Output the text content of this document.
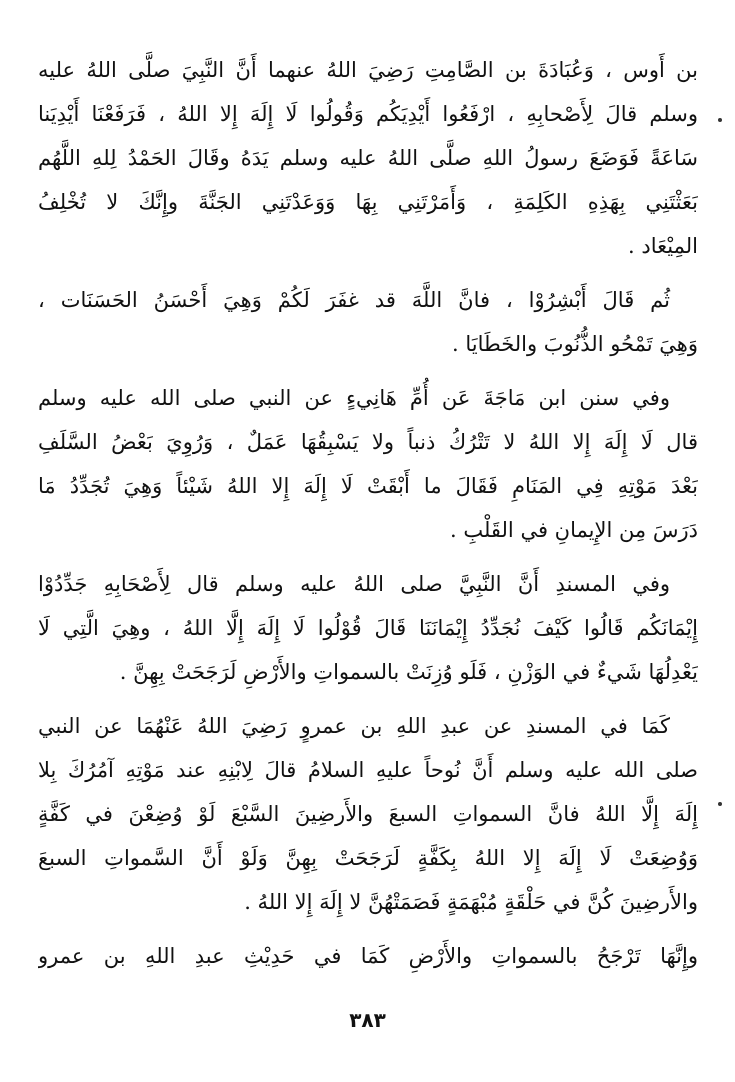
بن أَوس ، وَعُبَادَةَ بن الصَّامِتِ رَضِيَ اللهُ عنهما أَنَّ النَّبِيَ صلَّى اللهُ عليه
وسلم قالَ لِأَصْحابِهِ ، ارْفَعُوا أَيْدِيَكُم وَقُولُوا لَا إِلَهَ إِلا اللهُ ، فَرَفَعْنَا أَيْدِيَنا
سَاعَةً فَوَضَعَ رسولُ اللهِ صلَّى اللهُ عليه وسلم يَدَهُ وقَالَ الحَمْدُ لِلهِ اللَّهُم
بَعَثْتَنِي بِهَذِهِ الكَلِمَةِ ، وَأَمَرْتَنِي بِهَا وَوَعَدْتَنِي الجَنَّةَ وإِنَّكَ لا تُخْلِفُ
المِيْعَاد .
ثُم قَالَ أَبْشِرُوْا ، فانَّ اللَّهَ قد غفَرَ لَكُمْ وَهِيَ أَحْسَنُ الحَسَنَات ،
وَهِيَ تَمْحُو الذُّنُوبَ والخَطَايَا .
وفي سنن ابن مَاجَةَ عَن أُمِّ هَانِيءٍ عن النبي صلى الله عليه وسلم
قال لَا إِلَهَ إِلا اللهُ لا تَتْرُكُ ذنباً ولا يَسْبِقُهَا عَمَلٌ ، وَرُوِيَ بَعْضُ السَّلَفِ
بَعْدَ مَوْتِهِ فِي المَنَامِ فَقَالَ ما أَبْقَتْ لَا إِلَهَ إِلا اللهُ شَيْئاً وَهِيَ تُجَدِّدُ مَا
دَرَسَ مِن الإِيمانِ في القَلْبِ .
وفي المسندِ أَنَّ النَّبِيَّ صلى اللهُ عليه وسلم قال لِأَصْحَابِهِ جَدِّدُوْا
إِيْمَانَكُم قَالُوا كَيْفَ نُجَدِّدُ إِيْمَانَنَا قَالَ قُوْلُوا لَا إِلَهَ إِلَّا اللهُ ، وهِيَ الَّتِي لَا
يَعْدِلُهَا شَيءٌ في الوَزْنِ ، فَلَو وُزِنَتْ بالسمواتِ والأَرْضِ لَرَجَحَتْ بِهِنَّ .
كَمَا في المسندِ عن عبدِ اللهِ بن عمروٍ رَضِيَ اللهُ عَنْهُمَا عن النبي
صلى الله عليه وسلم أَنَّ نُوحاً عليهِ السلامُ قالَ لِابْنِهِ عند مَوْتِهِ آمُرُكَ بِلا
إِلَهَ إِلَّا اللهُ فانَّ السمواتِ السبعَ والأَرضِينَ السَّبْعَ لَوْ وُضِعْنَ في كَفَّةٍ
وَوُضِعَتْ لَا إِلَهَ إِلا اللهُ بِكَفَّةٍ لَرَجَحَتْ بِهِنَّ وَلَوْ أَنَّ السَّمواتِ السبعَ
والأَرضِينَ كُنَّ في حَلْقَةٍ مُبْهَمَةٍ فَصَمَتْهُنَّ لا إِلَهَ إِلا اللهُ .
وإِنَّهَا تَرْجَحُ بالسمواتِ والأَرْضِ كَمَا في حَدِيْثِ عبدِ اللهِ بن عمرو
٣٨٣
